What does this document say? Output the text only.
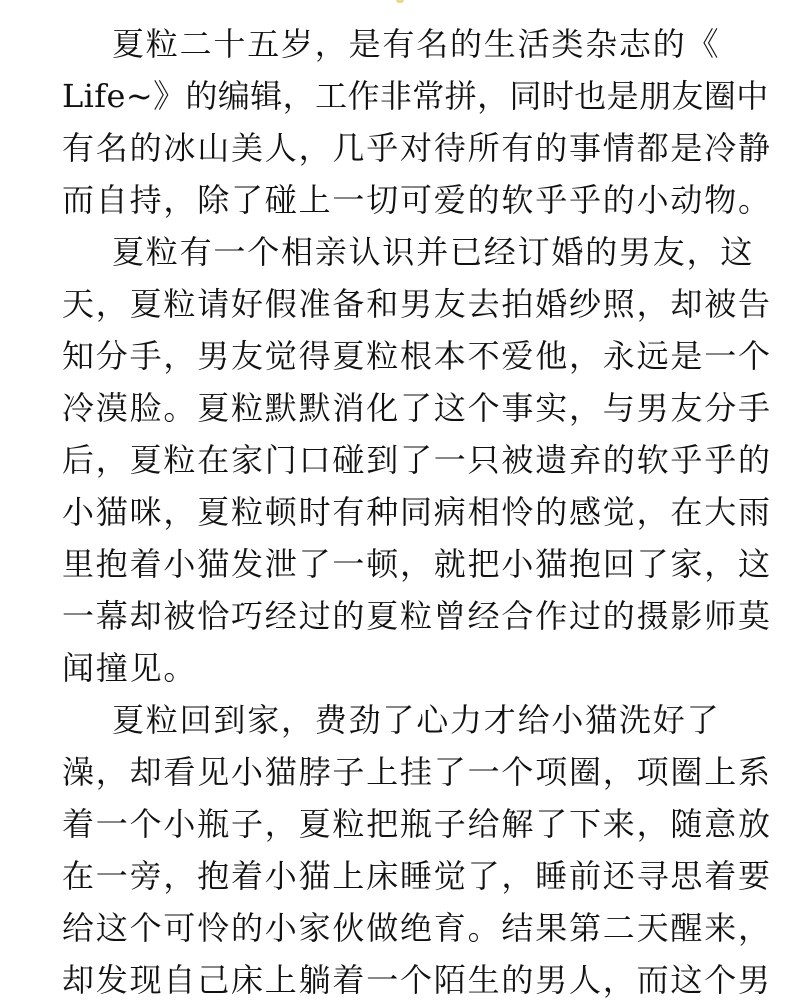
夏粒二十五岁，是有名的生活类杂志的《
Life~》的编辑，工作非常拼，同时也是朋友圈中
有名的冰山美人，几乎对待所有的事情都是冷静
而自持，除了碰上一切可爱的软乎乎的小动物。
夏粒有一个相亲认识并已经订婚的男友，这
天，夏粒请好假准备和男友去拍婚纱照，却被告
知分手，男友觉得夏粒根本不爱他，永远是一个
冷漠脸。夏粒默默消化了这个事实，与男友分手
后，夏粒在家门口碰到了一只被遗弃的软乎乎的
小猫咪，夏粒顿时有种同病相怜的感觉，在大雨
里抱着小猫发泄了一顿，就把小猫抱回了家，这
一幕却被恰巧经过的夏粒曾经合作过的摄影师莫
闻撞见。
夏粒回到家，费劲了心力才给小猫洗好了
澡，却看见小猫脖子上挂了一个项圈，项圈上系
着一个小瓶子，夏粒把瓶子给解了下来，随意放
在一旁，抱着小猫上床睡觉了，睡前还寻思着要
给这个可怜的小家伙做绝育。结果第二天醒来，
却发现自己床上躺着一个陌生的男人，而这个男
